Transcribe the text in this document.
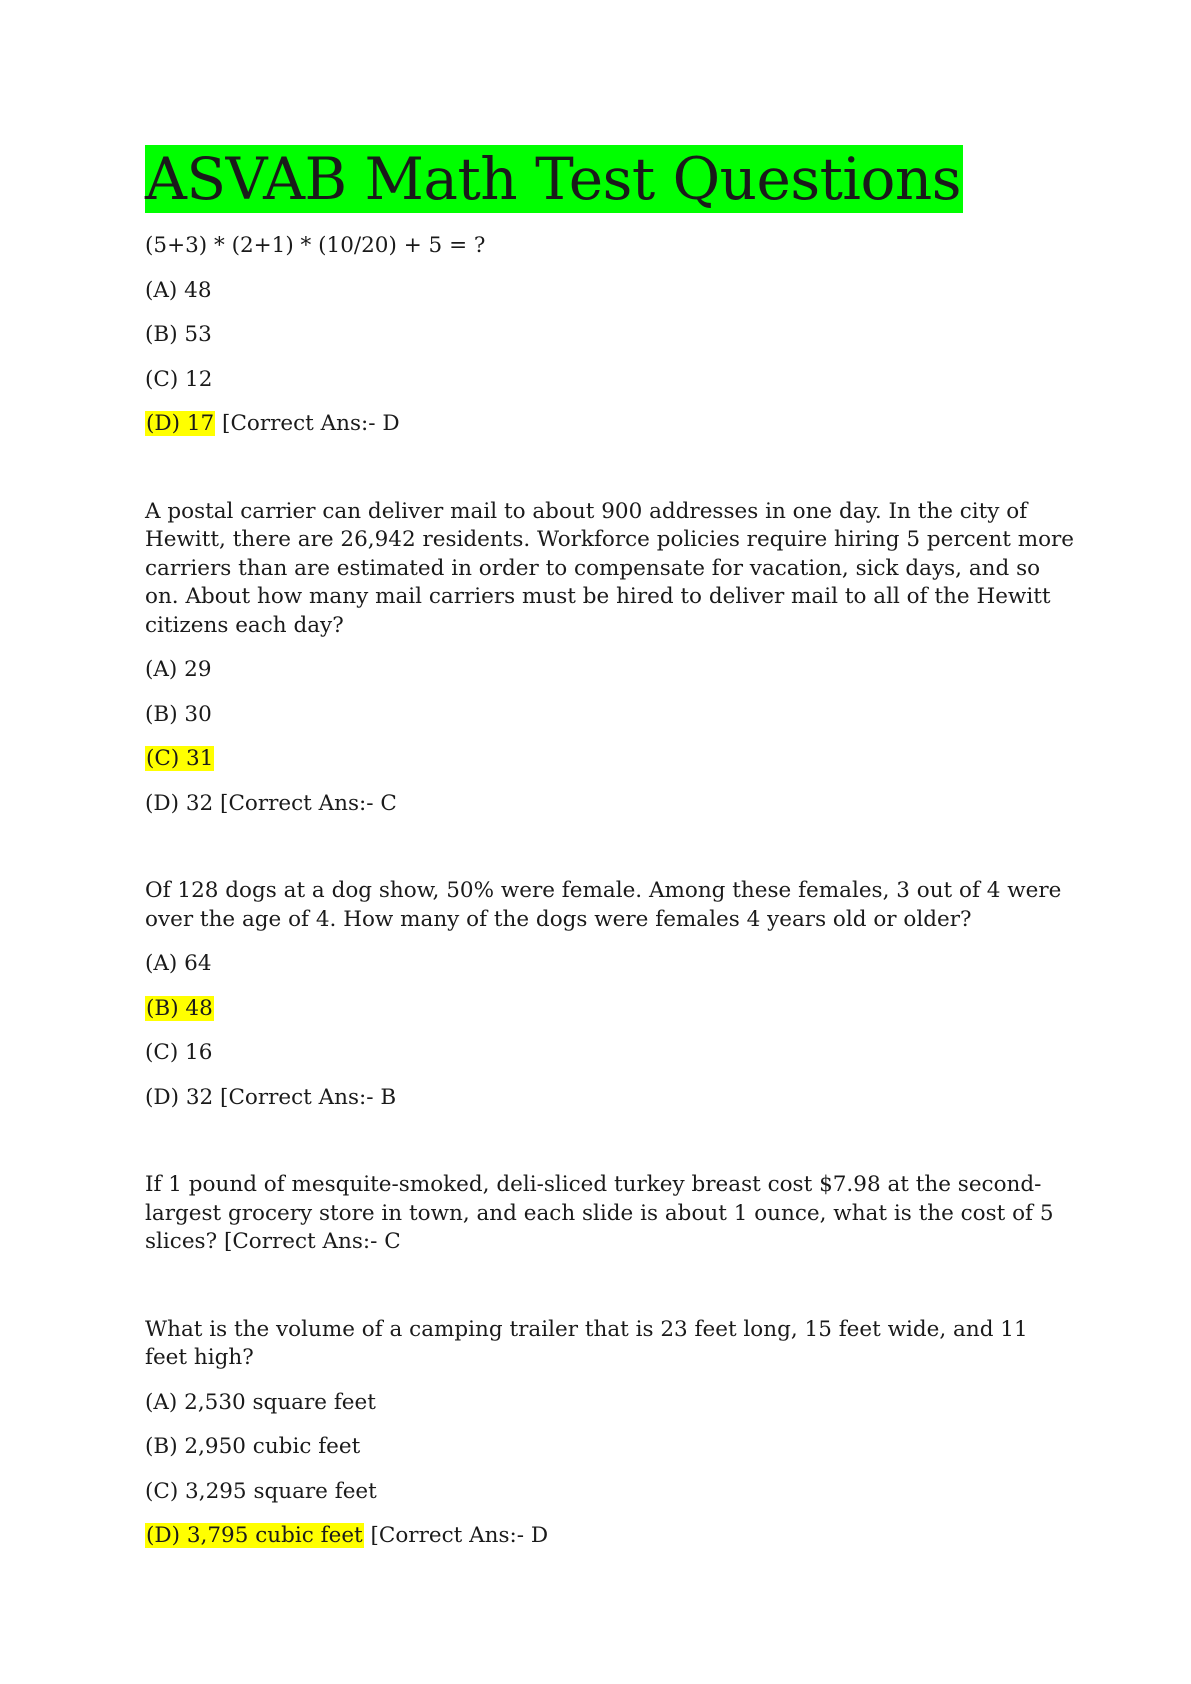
ASVAB Math Test Questions

(5+3) * (2+1) * (10/20) + 5 = ?

(A) 48

(B) 53

(C) 12

(D) 17 [Correct Ans:- D

A postal carrier can deliver mail to about 900 addresses in one day. In the city of

Hewitt, there are 26,942 residents. Workforce policies require hiring 5 percent more

carriers than are estimated in order to compensate for vacation, sick days, and so

on. About how many mail carriers must be hired to deliver mail to all of the Hewitt

citizens each day?

(A) 29

(B) 30

(C) 31

(D) 32 [Correct Ans:- C

Of 128 dogs at a dog show, 50% were female. Among these females, 3 out of 4 were

over the age of 4. How many of the dogs were females 4 years old or older?

(A) 64

(B) 48

(C) 16

(D) 32 [Correct Ans:- B

If 1 pound of mesquite-smoked, deli-sliced turkey breast cost $7.98 at the second-

largest grocery store in town, and each slide is about 1 ounce, what is the cost of 5

slices? [Correct Ans:- C

What is the volume of a camping trailer that is 23 feet long, 15 feet wide, and 11

feet high?

(A) 2,530 square feet

(B) 2,950 cubic feet

(C) 3,295 square feet

(D) 3,795 cubic feet [Correct Ans:- D
